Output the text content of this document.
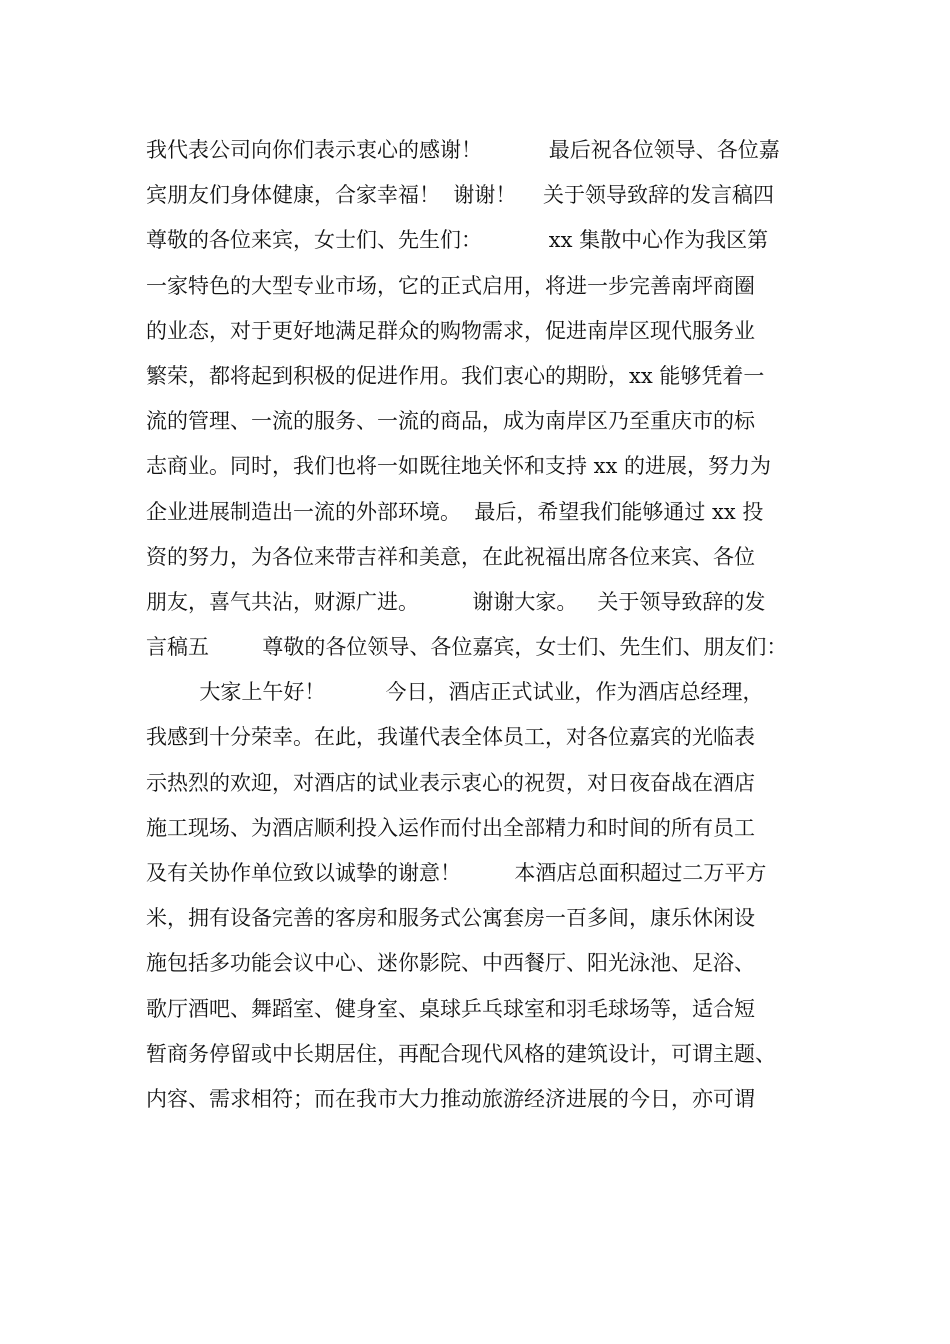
我代表公司向你们表示衷心的感谢！          最后祝各位领导、各位嘉
宾朋友们身体健康，合家幸福！  谢谢！    关于领导致辞的发言稿四
尊敬的各位来宾，女士们、先生们：          xx 集散中心作为我区第
一家特色的大型专业市场，它的正式启用，将进一步完善南坪商圈
的业态，对于更好地满足群众的购物需求，促进南岸区现代服务业
繁荣，都将起到积极的促进作用。我们衷心的期盼，xx 能够凭着一
流的管理、一流的服务、一流的商品，成为南岸区乃至重庆市的标
志商业。同时，我们也将一如既往地关怀和支持 xx 的进展，努力为
企业进展制造出一流的外部环境。  最后，希望我们能够通过 xx 投
资的努力，为各位来带吉祥和美意，在此祝福出席各位来宾、各位
朋友，喜气共沾，财源广进。        谢谢大家。   关于领导致辞的发
言稿五        尊敬的各位领导、各位嘉宾，女士们、先生们、朋友们：
大家上午好！         今日，酒店正式试业，作为酒店总经理，
我感到十分荣幸。在此，我谨代表全体员工，对各位嘉宾的光临表
示热烈的欢迎，对酒店的试业表示衷心的祝贺，对日夜奋战在酒店
施工现场、为酒店顺利投入运作而付出全部精力和时间的所有员工
及有关协作单位致以诚挚的谢意！        本酒店总面积超过二万平方
米，拥有设备完善的客房和服务式公寓套房一百多间，康乐休闲设
施包括多功能会议中心、迷你影院、中西餐厅、阳光泳池、足浴、
歌厅酒吧、舞蹈室、健身室、桌球乒乓球室和羽毛球场等，适合短
暂商务停留或中长期居住，再配合现代风格的建筑设计，可谓主题、
内容、需求相符；而在我市大力推动旅游经济进展的今日，亦可谓
